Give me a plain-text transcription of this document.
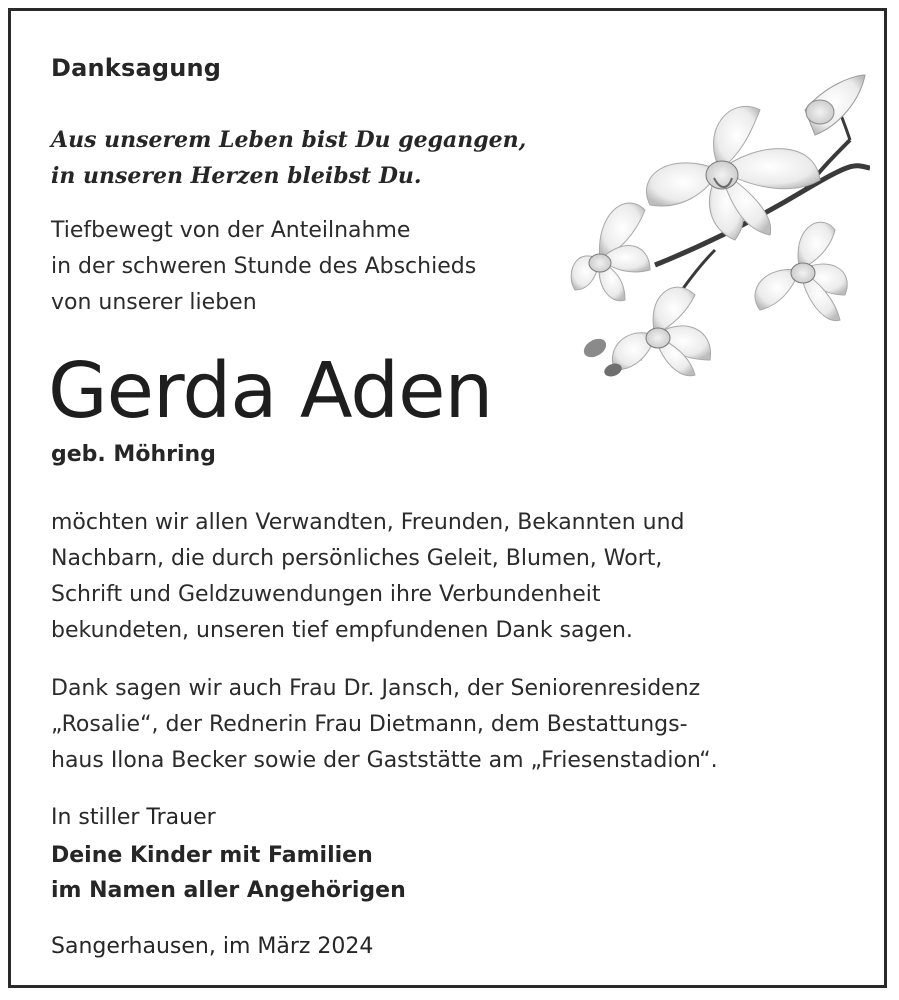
Danksagung
Aus unserem Leben bist Du gegangen,
in unseren Herzen bleibst Du.
Tiefbewegt von der Anteilnahme
in der schweren Stunde des Abschieds
von unserer lieben
Gerda Aden
geb. Möhring
möchten wir allen Verwandten, Freunden, Bekannten und
Nachbarn, die durch persönliches Geleit, Blumen, Wort,
Schrift und Geldzuwendungen ihre Verbundenheit
bekundeten, unseren tief empfundenen Dank sagen.
Dank sagen wir auch Frau Dr. Jansch, der Seniorenresidenz
„Rosalie“, der Rednerin Frau Dietmann, dem Bestattungs-
haus Ilona Becker sowie der Gaststätte am „Friesenstadion“.
In stiller Trauer
Deine Kinder mit Familien
im Namen aller Angehörigen
Sangerhausen, im März 2024
